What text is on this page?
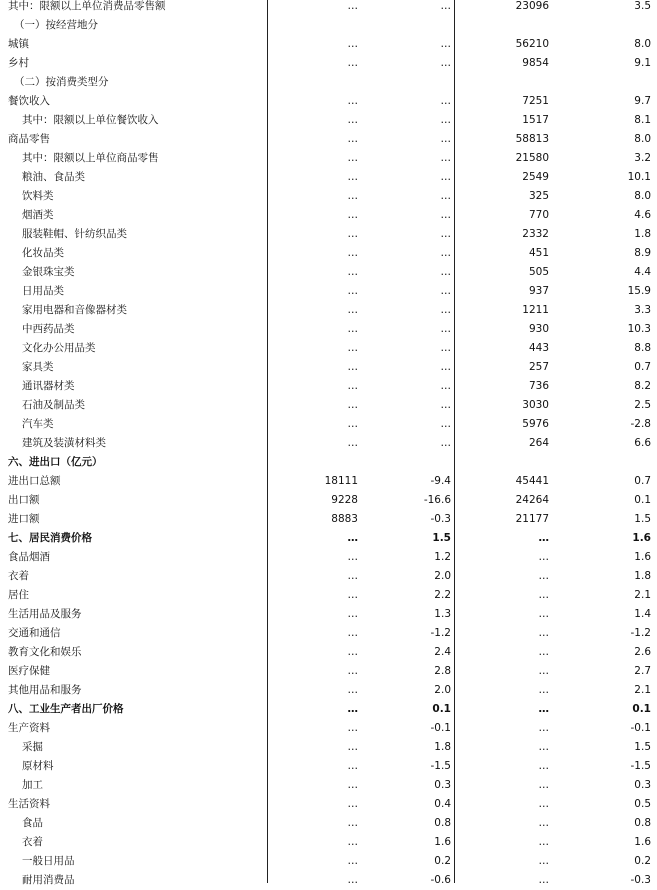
其中：限额以上单位消费品零售额	…	…	23096	3.5
（一）按经营地分
城镇	…	…	56210	8.0
乡村	…	…	9854	9.1
（二）按消费类型分
餐饮收入	…	…	7251	9.7
其中：限额以上单位餐饮收入	…	…	1517	8.1
商品零售	…	…	58813	8.0
其中：限额以上单位商品零售	…	…	21580	3.2
粮油、食品类	…	…	2549	10.1
饮料类	…	…	325	8.0
烟酒类	…	…	770	4.6
服装鞋帽、针纺织品类	…	…	2332	1.8
化妆品类	…	…	451	8.9
金银珠宝类	…	…	505	4.4
日用品类	…	…	937	15.9
家用电器和音像器材类	…	…	1211	3.3
中西药品类	…	…	930	10.3
文化办公用品类	…	…	443	8.8
家具类	…	…	257	0.7
通讯器材类	…	…	736	8.2
石油及制品类	…	…	3030	2.5
汽车类	…	…	5976	-2.8
建筑及装潢材料类	…	…	264	6.6
六、进出口（亿元）
进出口总额	18111	-9.4	45441	0.7
出口额	9228	-16.6	24264	0.1
进口额	8883	-0.3	21177	1.5
七、居民消费价格	…	1.5	…	1.6
食品烟酒	…	1.2	…	1.6
衣着	…	2.0	…	1.8
居住	…	2.2	…	2.1
生活用品及服务	…	1.3	…	1.4
交通和通信	…	-1.2	…	-1.2
教育文化和娱乐	…	2.4	…	2.6
医疗保健	…	2.8	…	2.7
其他用品和服务	…	2.0	…	2.1
八、工业生产者出厂价格	…	0.1	…	0.1
生产资料	…	-0.1	…	-0.1
采掘	…	1.8	…	1.5
原材料	…	-1.5	…	-1.5
加工	…	0.3	…	0.3
生活资料	…	0.4	…	0.5
食品	…	0.8	…	0.8
衣着	…	1.6	…	1.6
一般日用品	…	0.2	…	0.2
耐用消费品	…	-0.6	…	-0.3
